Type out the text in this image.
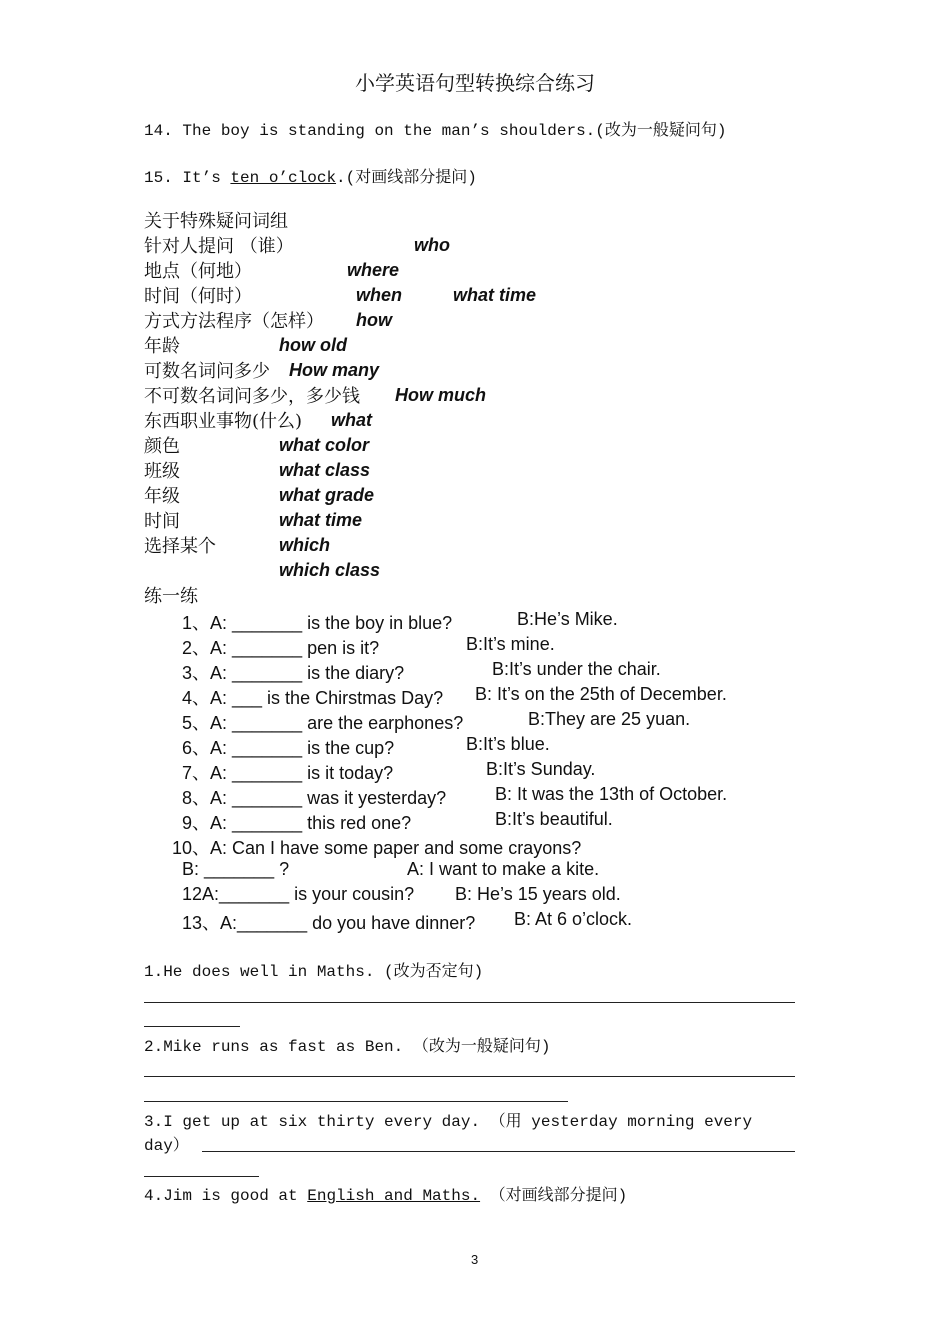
小学英语句型转换综合练习
14. The boy is standing on the man’s shoulders.(改为一般疑问句)
15. It’s ten o’clock.(对画线部分提问)
关于特殊疑问词组
针对人提问 （谁）	who
地点（何地）	where
时间（何时）	when	what time
方式方法程序（怎样） how
年龄	how old
可数名词问多少 How many
不可数名词问多少，多少钱 How much
东西职业事物(什么) what
颜色	what color
班级	what class
年级	what grade
时间	what time
选择某个	which
which class
练一练
1、A: _______ is the boy in blue?	B:He’s Mike.
2、A: _______ pen is it?	B:It’s mine.
3、A: _______ is the diary?	B:It’s under the chair.
4、A: ___ is the Chirstmas Day? B: It’s on the 25th of December.
5、A: _______ are the earphones?	B:They are 25 yuan.
6、A: _______ is the cup?	B:It’s blue.
7、A: _______ is it today?	B:It’s Sunday.
8、A: _______ was it yesterday?	B: It was the 13th of October.
9、A: _______ this red one?	B:It’s beautiful.
10、A: Can I have some paper and some crayons?
B: _______ ?	A: I want to make a kite.
12A:_______ is your cousin? B: He’s 15 years old.
13、A:_______ do you have dinner? B: At 6 o’clock.
1.He does well in Maths. (改为否定句)
2.Mike runs as fast as Ben. （改为一般疑问句)
3.I get up at six thirty every day. （用 yesterday morning every
day）
4.Jim is good at English and Maths. （对画线部分提问)
3
